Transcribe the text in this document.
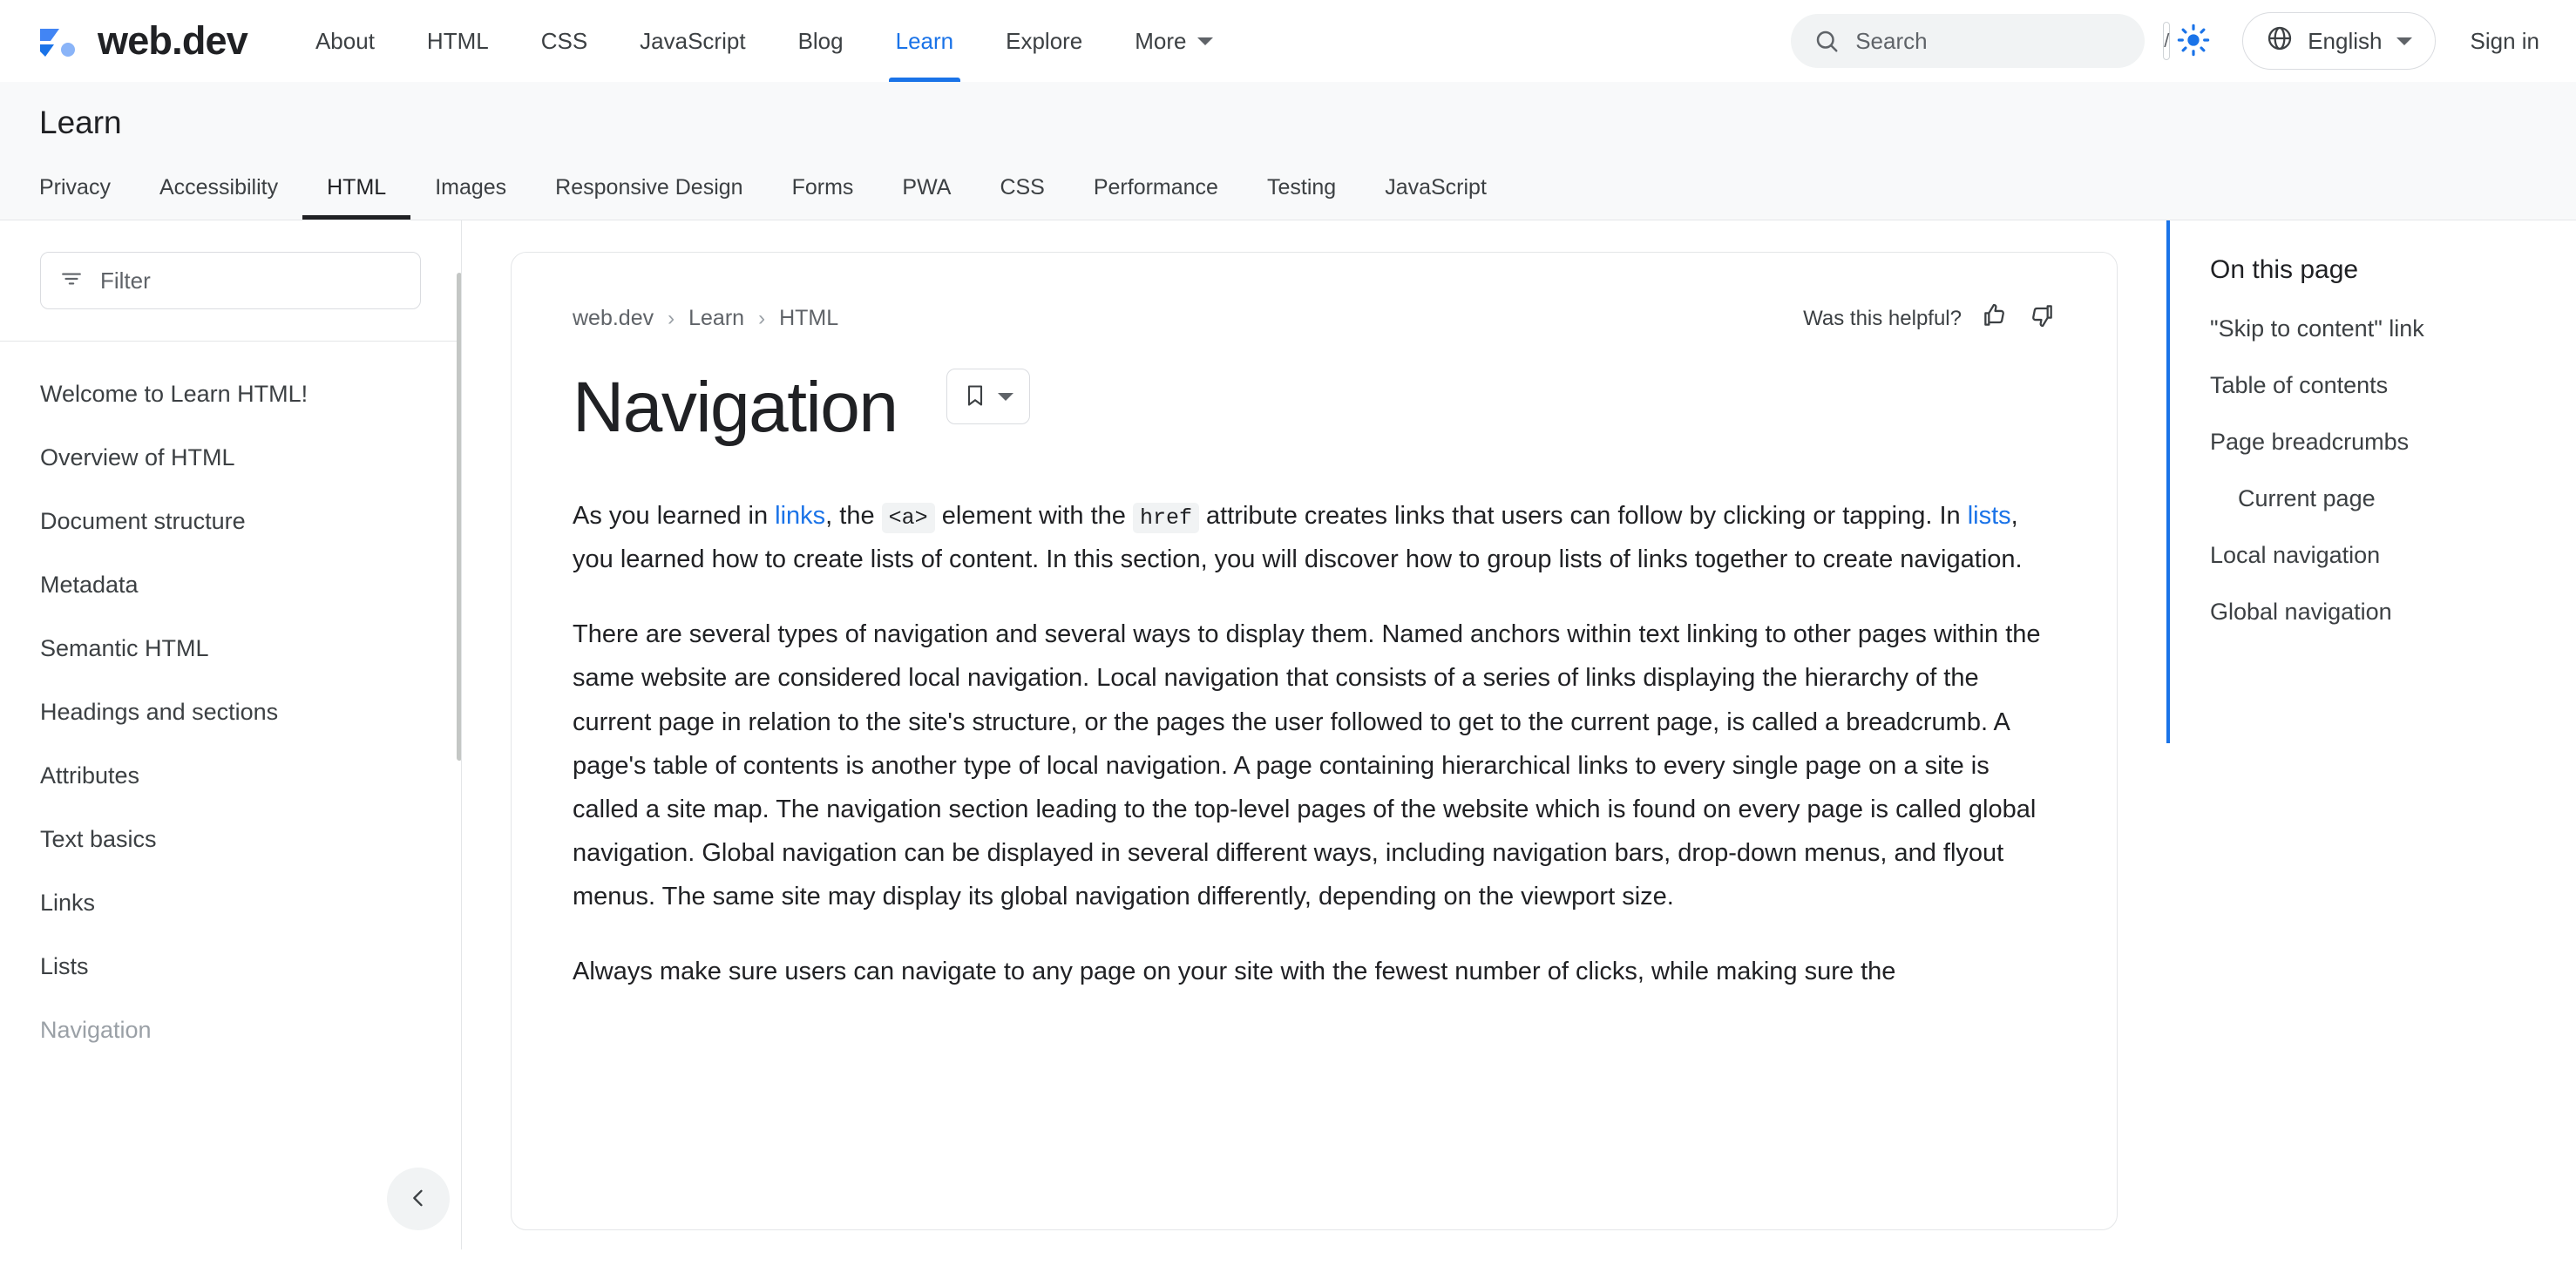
web.dev	About	HTML	CSS	JavaScript	Blog	Learn	Explore	More
Search	/	English	Sign in
Learn
Privacy	Accessibility	HTML	Images	Responsive Design	Forms	PWA	CSS	Performance	Testing	JavaScript
Filter
Welcome to Learn HTML!
Overview of HTML
Document structure
Metadata
Semantic HTML
Headings and sections
Attributes
Text basics
Links
Lists
Navigation
web.dev › Learn › HTML	Was this helpful?
Navigation

As you learned in links, the <a> element with the href attribute creates links that users can follow by clicking or tapping. In lists, you learned how to create lists of content. In this section, you will discover how to group lists of links together to create navigation.

There are several types of navigation and several ways to display them. Named anchors within text linking to other pages within the same website are considered local navigation. Local navigation that consists of a series of links displaying the hierarchy of the current page in relation to the site's structure, or the pages the user followed to get to the current page, is called a breadcrumb. A page's table of contents is another type of local navigation. A page containing hierarchical links to every single page on a site is called a site map. The navigation section leading to the top-level pages of the website which is found on every page is called global navigation. Global navigation can be displayed in several different ways, including navigation bars, drop-down menus, and flyout menus. The same site may display its global navigation differently, depending on the viewport size.

Always make sure users can navigate to any page on your site with the fewest number of clicks, while making sure the

On this page
"Skip to content" link
Table of contents
Page breadcrumbs
Current page
Local navigation
Global navigation
